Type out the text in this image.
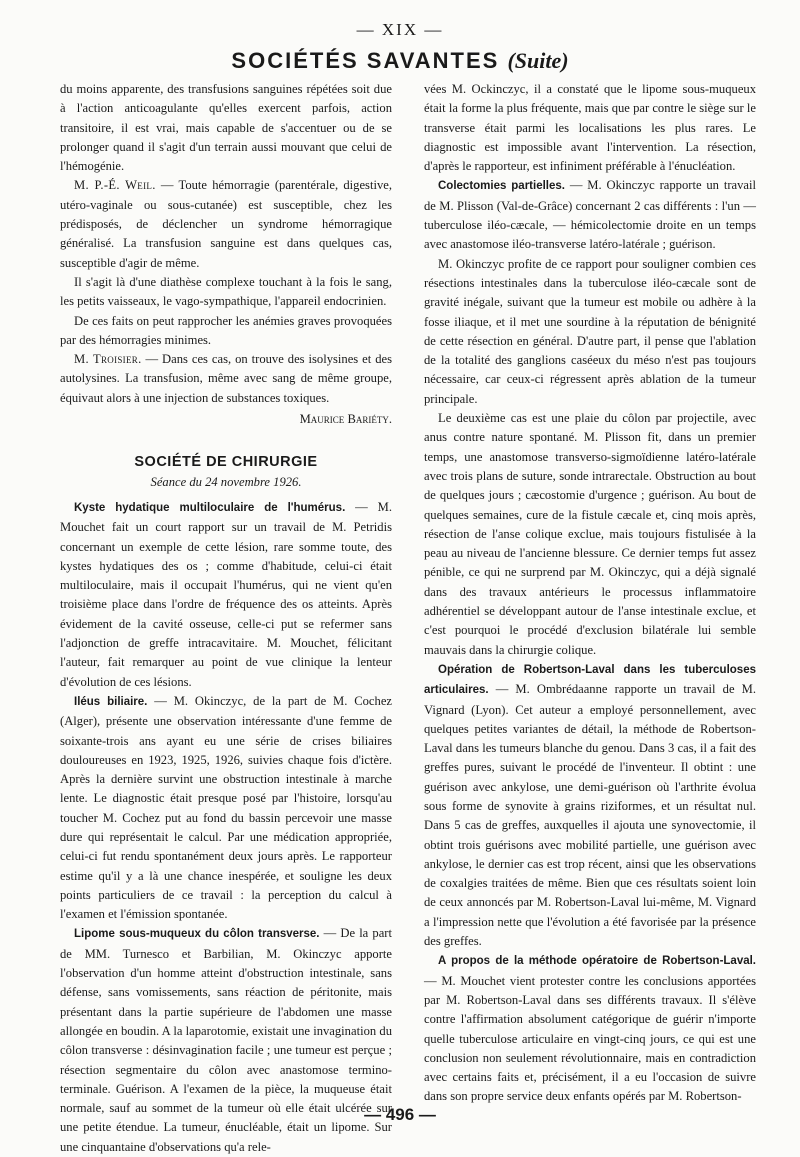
— XIX —
SOCIÉTÉS SAVANTES (Suite)

du moins apparente, des transfusions sanguines répétées soit due à l'action anticoagulante qu'elles exercent parfois, action transitoire, il est vrai, mais capable de s'accentuer ou de se prolonger quand il s'agit d'un terrain aussi mouvant que celui de l'hémogénie.

M. P.-É. Weil. — Toute hémorragie (parentérale, digestive, utéro-vaginale ou sous-cutanée) est susceptible, chez les prédisposés, de déclencher un syndrome hémorragique généralisé. La transfusion sanguine est dans quelques cas, susceptible d'agir de même.

Il s'agit là d'une diathèse complexe touchant à la fois le sang, les petits vaisseaux, le vago-sympathique, l'appareil endocrinien.

De ces faits on peut rapprocher les anémies graves provoquées par des hémorragies minimes.

M. Troisier. — Dans ces cas, on trouve des isolysines et des autolysines. La transfusion, même avec sang de même groupe, équivaut alors à une injection de substances toxiques.

Maurice Bariéty.
SOCIÉTÉ DE CHIRURGIE
Séance du 24 novembre 1926.

Kyste hydatique multiloculaire de l'humérus. — M. Mouchet fait un court rapport sur un travail de M. Petridis concernant un exemple de cette lésion, rare somme toute, des kystes hydatiques des os ; comme d'habitude, celui-ci était multiloculaire, mais il occupait l'humérus, qui ne vient qu'en troisième place dans l'ordre de fréquence des os atteints. Après évidement de la cavité osseuse, celle-ci put se refermer sans l'adjonction de greffe intracavitaire. M. Mouchet, félicitant l'auteur, fait remarquer au point de vue clinique la lenteur d'évolution de ces lésions.

Iléus biliaire. — M. Okinczyc, de la part de M. Cochez (Alger), présente une observation intéressante d'une femme de soixante-trois ans ayant eu une série de crises biliaires douloureuses en 1923, 1925, 1926, suivies chaque fois d'ictère. Après la dernière survint une obstruction intestinale à marche lente. Le diagnostic était presque posé par l'histoire, lorsqu'au toucher M. Cochez put au fond du bassin percevoir une masse dure qui représentait le calcul. Par une médication appropriée, celui-ci fut rendu spontanément deux jours après. Le rapporteur estime qu'il y a là une chance inespérée, et souligne les deux points particuliers de ce travail : la perception du calcul à l'examen et l'émission spontanée.

Lipome sous-muqueux du côlon transverse. — De la part de MM. Turnesco et Barbilian, M. Okinczyc apporte l'observation d'un homme atteint d'obstruction intestinale, sans défense, sans vomissements, sans réaction de péritonite, mais présentant dans la partie supérieure de l'abdomen une masse allongée en boudin. A la laparotomie, existait une invagination du côlon transverse : désinvagination facile ; une tumeur est perçue ; résection segmentaire du côlon avec anastomose termino-terminale. Guérison. A l'examen de la pièce, la muqueuse était normale, sauf au sommet de la tumeur où elle était ulcérée sur une petite étendue. La tumeur, énucléable, était un lipome. Sur une cinquantaine d'observations qu'a rele-

vées M. Ockinczyc, il a constaté que le lipome sous-muqueux était la forme la plus fréquente, mais que par contre le siège sur le transverse était parmi les localisations les plus rares. Le diagnostic est impossible avant l'intervention. La résection, d'après le rapporteur, est infiniment préférable à l'énucléation.

Colectomies partielles. — M. Okinczyc rapporte un travail de M. Plisson (Val-de-Grâce) concernant 2 cas différents : l'un — tuberculose iléo-cæcale, — hémicolectomie droite en un temps avec anastomose iléo-transverse latéro-latérale ; guérison.

M. Okinczyc profite de ce rapport pour souligner combien ces résections intestinales dans la tuberculose iléo-cæcale sont de gravité inégale, suivant que la tumeur est mobile ou adhère à la fosse iliaque, et il met une sourdine à la réputation de bénignité de cette résection en général. D'autre part, il pense que l'ablation de la totalité des ganglions caséeux du méso n'est pas toujours nécessaire, car ceux-ci régressent après ablation de la tumeur principale.

Le deuxième cas est une plaie du côlon par projectile, avec anus contre nature spontané. M. Plisson fit, dans un premier temps, une anastomose transverso-sigmoïdienne latéro-latérale avec trois plans de suture, sonde intrarectale. Obstruction au bout de quelques jours ; cæcostomie d'urgence ; guérison. Au bout de quelques semaines, cure de la fistule cæcale et, cinq mois après, résection de l'anse colique exclue, mais toujours fistulisée à la peau au niveau de l'ancienne blessure. Ce dernier temps fut assez pénible, ce qui ne surprend par M. Okinczyc, qui a déjà signalé dans des travaux antérieurs le processus inflammatoire adhérentiel se développant autour de l'anse intestinale exclue, et c'est pourquoi le procédé d'exclusion bilatérale lui semble mauvais dans la chirurgie colique.

Opération de Robertson-Laval dans les tuberculoses articulaires. — M. Ombrédaanne rapporte un travail de M. Vignard (Lyon). Cet auteur a employé personnellement, avec quelques petites variantes de détail, la méthode de Robertson-Laval dans les tumeurs blanche du genou. Dans 3 cas, il a fait des greffes pures, suivant le procédé de l'inventeur. Il obtint : une guérison avec ankylose, une demi-guérison où l'arthrite évolua sous forme de synovite à grains riziformes, et un résultat nul. Dans 5 cas de greffes, auxquelles il ajouta une synovectomie, il obtint trois guérisons avec mobilité partielle, une guérison avec ankylose, le dernier cas est trop récent, ainsi que les observations de coxalgies traitées de même. Bien que ces résultats soient loin de ceux annoncés par M. Robertson-Laval lui-même, M. Vignard a l'impression nette que l'évolution a été favorisée par la présence des greffes.

A propos de la méthode opératoire de Robertson-Laval. — M. Mouchet vient protester contre les conclusions apportées par M. Robertson-Laval dans ses différents travaux. Il s'élève contre l'affirmation absolument catégorique de guérir n'importe quelle tuberculose articulaire en vingt-cinq jours, ce qui est une conclusion non seulement révolutionnaire, mais en contradiction avec certains faits et, précisément, il a eu l'occasion de suivre dans son propre service deux enfants opérés par M. Robertson-

— 496 —
